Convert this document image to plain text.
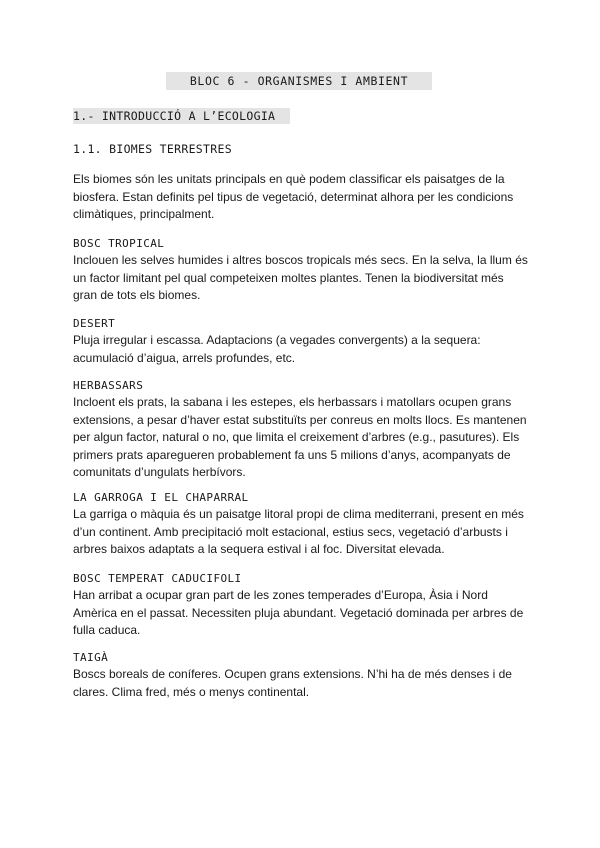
BLOC 6 - ORGANISMES I AMBIENT
1.- INTRODUCCIÓ A L’ECOLOGIA
1.1. BIOMES TERRESTRES
Els biomes són les unitats principals en què podem classificar els paisatges de la biosfera. Estan definits pel tipus de vegetació, determinat alhora per les condicions climàtiques, principalment.
BOSC TROPICAL
Inclouen les selves humides i altres boscos tropicals més secs. En la selva, la llum és un factor limitant pel qual competeixen moltes plantes. Tenen la biodiversitat més gran de tots els biomes.
DESERT
Pluja irregular i escassa. Adaptacions (a vegades convergents) a la sequera: acumulació d’aigua, arrels profundes, etc.
HERBASSARS
Incloent els prats, la sabana i les estepes, els herbassars i matollars ocupen grans extensions, a pesar d’haver estat substituïts per conreus en molts llocs. Es mantenen per algun factor, natural o no, que limita el creixement d’arbres (e.g., pasutures). Els primers prats aparegueren probablement fa uns 5 milions d’anys, acompanyats de comunitats d’ungulats herbívors.
LA GARROGA I EL CHAPARRAL
La garriga o màquia és un paisatge litoral propi de clima mediterrani, present en més d’un continent. Amb precipitació molt estacional, estius secs, vegetació d’arbusts i arbres baixos adaptats a la sequera estival i al foc. Diversitat elevada.
BOSC TEMPERAT CADUCIFOLI
Han arribat a ocupar gran part de les zones temperades d’Europa, Àsia i Nord Amèrica en el passat. Necessiten pluja abundant. Vegetació dominada per arbres de fulla caduca.
TAIGÀ
Boscs boreals de coníferes. Ocupen grans extensions. N’hi ha de més denses i de clares. Clima fred, més o menys continental.
